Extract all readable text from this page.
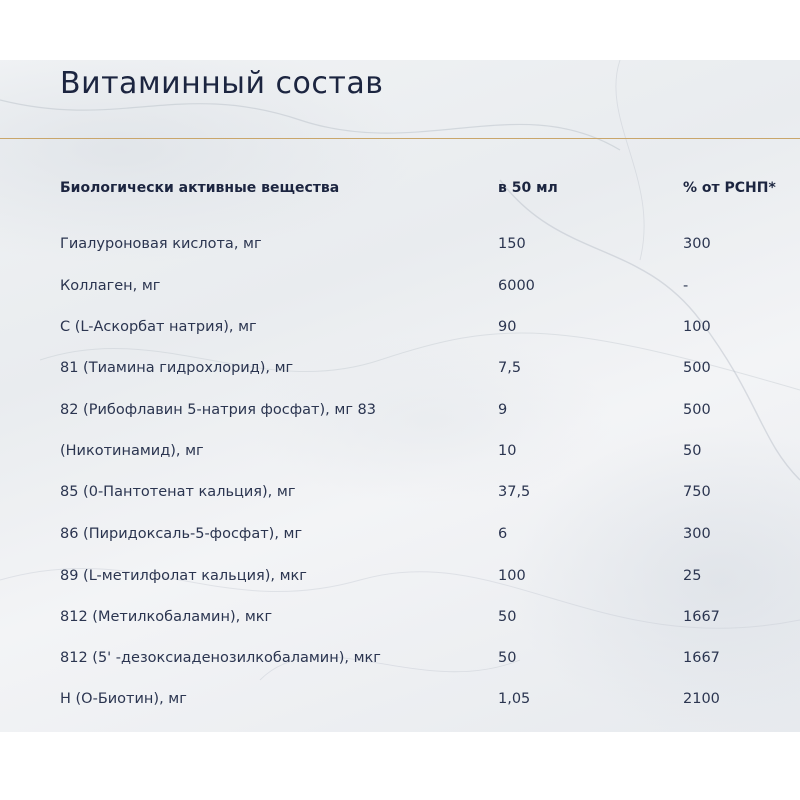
Витаминный состав
Биологически активные вещества	в 50 мл	% от РСНП*
Гиалуроновая кислота, мг	150	300
Коллаген, мг	6000	-
С (L-Аскорбат натрия), мг	90	100
81 (Тиамина гидрохлорид), мг	7,5	500
82 (Рибофлавин 5-натрия фосфат), мг 83	9	500
(Никотинамид), мг	10	50
85 (0-Пантотенат кальция), мг	37,5	750
86 (Пиридоксаль-5-фосфат), мг	6	300
89 (L-метилфолат кальция), мкг	100	25
812 (Метилкобаламин), мкг	50	1667
812 (5' -дезоксиаденозилкобаламин), мкг	50	1667
Н (О-Биотин), мг	1,05	2100
